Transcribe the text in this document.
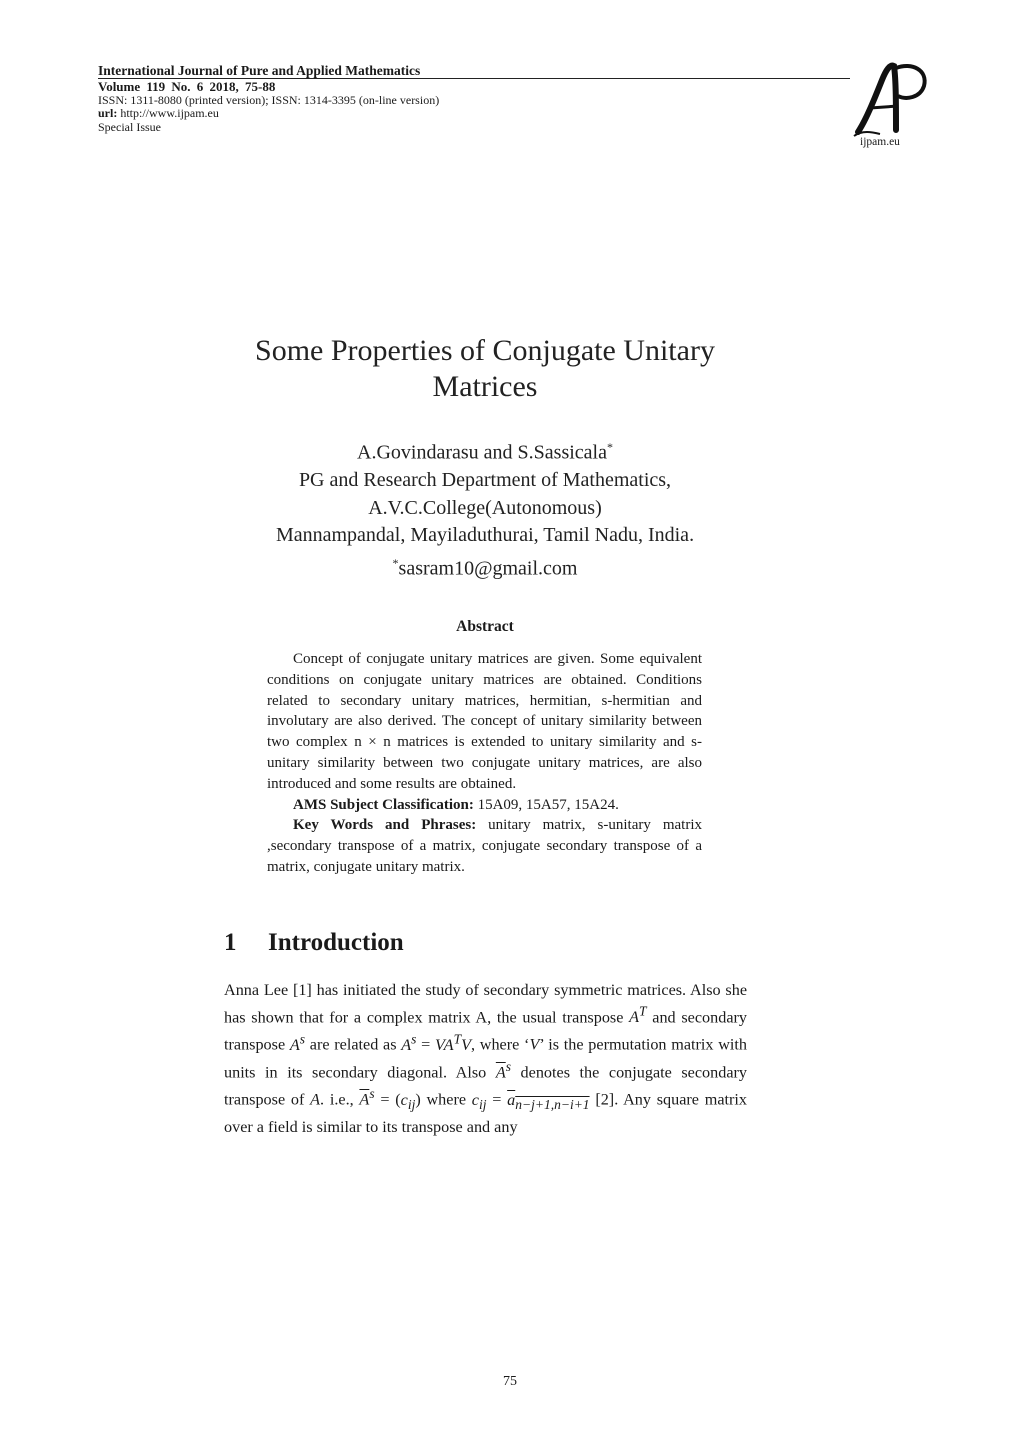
International Journal of Pure and Applied Mathematics
Volume 119 No. 6 2018, 75-88
ISSN: 1311-8080 (printed version); ISSN: 1314-3395 (on-line version)
url: http://www.ijpam.eu
Special Issue
ijpam.eu
Some Properties of Conjugate Unitary
Matrices
A.Govindarasu and S.Sassicala*
PG and Research Department of Mathematics,
A.V.C.College(Autonomous)
Mannampandal, Mayiladuthurai, Tamil Nadu, India.
*sasram10@gmail.com
Abstract

Concept of conjugate unitary matrices are given. Some equivalent conditions on conjugate unitary matrices are obtained. Conditions related to secondary unitary matrices, hermitian, s-hermitian and involutary are also derived. The concept of unitary similarity between two complex n × n matrices is extended to unitary similarity and s-unitary similarity between two conjugate unitary matrices, are also introduced and some results are obtained.

AMS Subject Classification: 15A09, 15A57, 15A24.

Key Words and Phrases: unitary matrix, s-unitary matrix ,secondary transpose of a matrix, conjugate secondary transpose of a matrix, conjugate unitary matrix.

1 Introduction

Anna Lee [1] has initiated the study of secondary symmetric matrices. Also she has shown that for a complex matrix A, the usual transpose $A^T$ and secondary transpose $A^s$ are related as $A^s = VA^TV$, where ‘V’ is the permutation matrix with units in its secondary diagonal. Also $\overline{A}^s$ denotes the conjugate secondary transpose of A. i.e., $\overline{A}^s = (c_{ij})$ where $c_{ij} = a_{n-j+1,n-i+1}$ [2]. Any square matrix over a field is similar to its transpose and any

75
